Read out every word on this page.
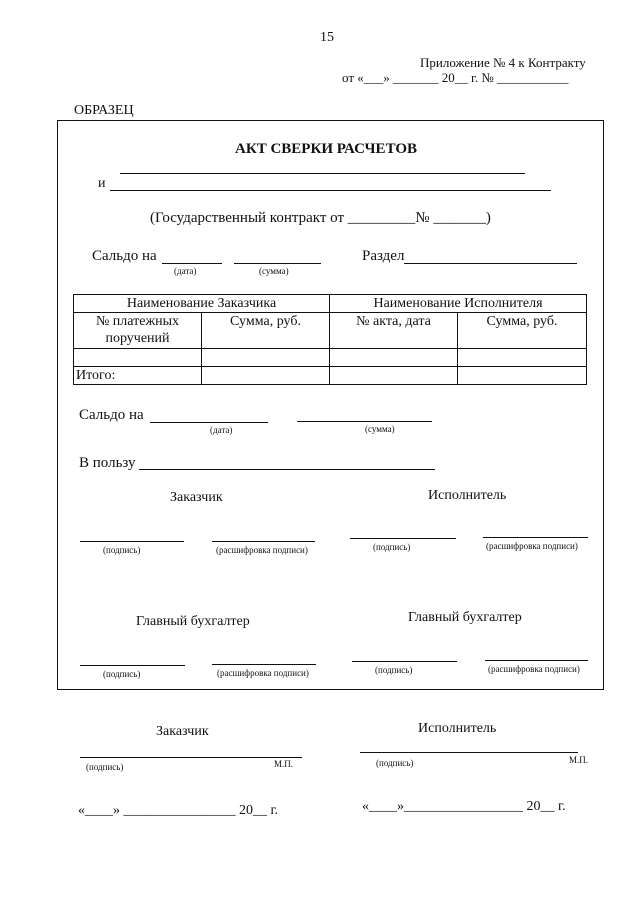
15
Приложение № 4 к Контракту
от «___» _______ 20__ г. № ___________
ОБРАЗЕЦ
АКТ СВЕРКИ РАСЧЕТОВ
и
(Государственный контракт от _________№ _______)
Сальдо на
(дата)	(сумма)
Раздел
Наименование Заказчика		Наименование Исполнителя	
№ платежных поручений	Сумма, руб.	№ акта, дата	Сумма, руб.

Итого:			
Сальдо на
(дата)	(сумма)
В пользу
Заказчик	Исполнитель
(подпись)	(расшифровка подписи)	(подпись)	(расшифровка подписи)
Главный бухгалтер	Главный бухгалтер
(подпись)	(расшифровка подписи)	(подпись)	(расшифровка подписи)
Заказчик	Исполнитель
(подпись)	М.П.	(подпись)	М.П.
«____» ________________ 20__ г.	«____»_________________ 20__ г.
